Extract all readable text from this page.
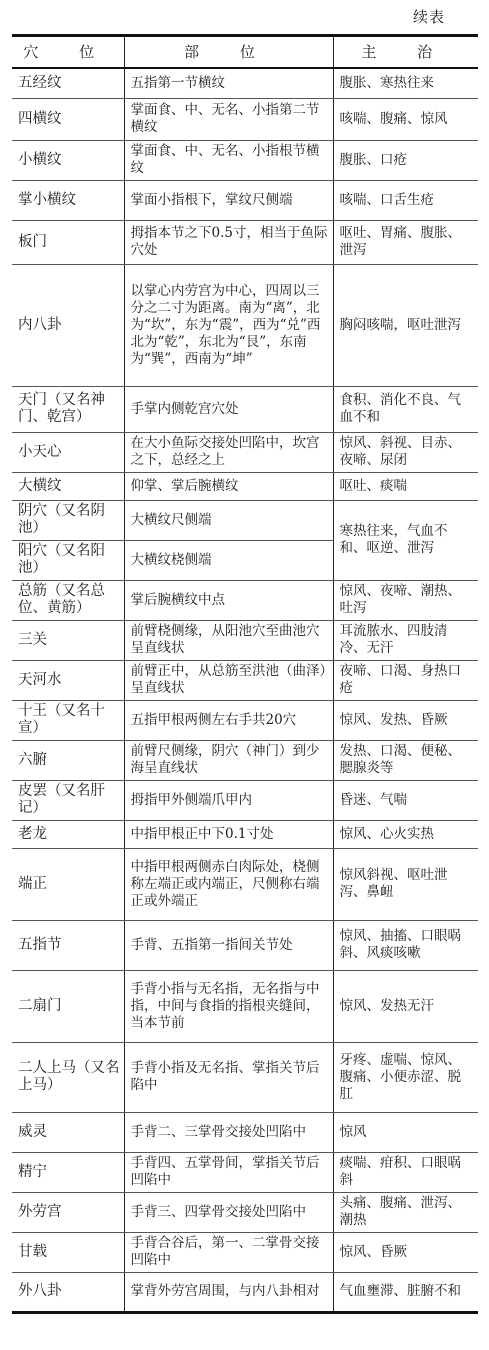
续表
穴 位	部 位	主 治
五经纹	五指第一节横纹	腹胀、寒热往来
四横纹	掌面食、中、无名、小指第二节横纹	咳喘、腹痛、惊风
小横纹	掌面食、中、无名、小指根节横纹	腹胀、口疮
掌小横纹	掌面小指根下，掌纹尺侧端	咳喘、口舌生疮
板门	拇指本节之下0.5寸，相当于鱼际穴处	呕吐、胃痛、腹胀、泄泻
内八卦	以掌心内劳宫为中心，四周以三分之二寸为距离。南为“离”，北为“坎”，东为“震”，西为“兑”西北为“乾”，东北为“艮”，东南为“巽”，西南为“坤”	胸闷咳喘，呕吐泄泻
天门（又名神门、乾宫）	手掌内侧乾宫穴处	食积、消化不良、气血不和
小天心	在大小鱼际交接处凹陷中，坎宫之下，总经之上	惊风、斜视、目赤、夜啼、尿闭
大横纹	仰掌、掌后腕横纹	呕吐、痰喘
阴穴（又名阴池）	大横纹尺侧端	寒热往来，气血不和、呕逆、泄泻
阳穴（又名阳池）	大横纹桡侧端	
总筋（又名总位、黄筋）	掌后腕横纹中点	惊风、夜啼、潮热、吐泻
三关	前臂桡侧缘，从阳池穴至曲池穴呈直线状	耳流脓水、四肢清冷、无汗
天河水	前臂正中，从总筋至洪池（曲泽）呈直线状	夜啼、口渴、身热口疮
十王（又名十宣）	五指甲根两侧左右手共20穴	惊风、发热、昏厥
六腑	前臂尺侧缘，阴穴（神门）到少海呈直线状	发热、口渴、便秘、腮腺炎等
皮罢（又名肝记）	拇指甲外侧端爪甲内	昏迷、气喘
老龙	中指甲根正中下0.1寸处	惊风、心火实热
端正	中指甲根两侧赤白肉际处，桡侧称左端正或内端正，尺侧称右端正或外端正	惊风斜视、呕吐泄泻、鼻衄
五指节	手背、五指第一指间关节处	惊风、抽搐、口眼㖞斜、风痰咳嗽
二扇门	手背小指与无名指，无名指与中指，中间与食指的指根夹缝间，当本节前	惊风、发热无汗
二人上马（又名上马）	手背小指及无名指、掌指关节后陷中	牙疼、虚喘、惊风、腹痛、小便赤涩、脱肛
威灵	手背二、三掌骨交接处凹陷中	惊风
精宁	手背四、五掌骨间，掌指关节后凹陷中	痰喘、疳积、口眼㖞斜
外劳宫	手背三、四掌骨交接处凹陷中	头痛、腹痛、泄泻、潮热
甘载	手背合谷后，第一、二掌骨交接凹陷中	惊风、昏厥
外八卦	掌背外劳宫周围，与内八卦相对	气血壅滞、脏腑不和
